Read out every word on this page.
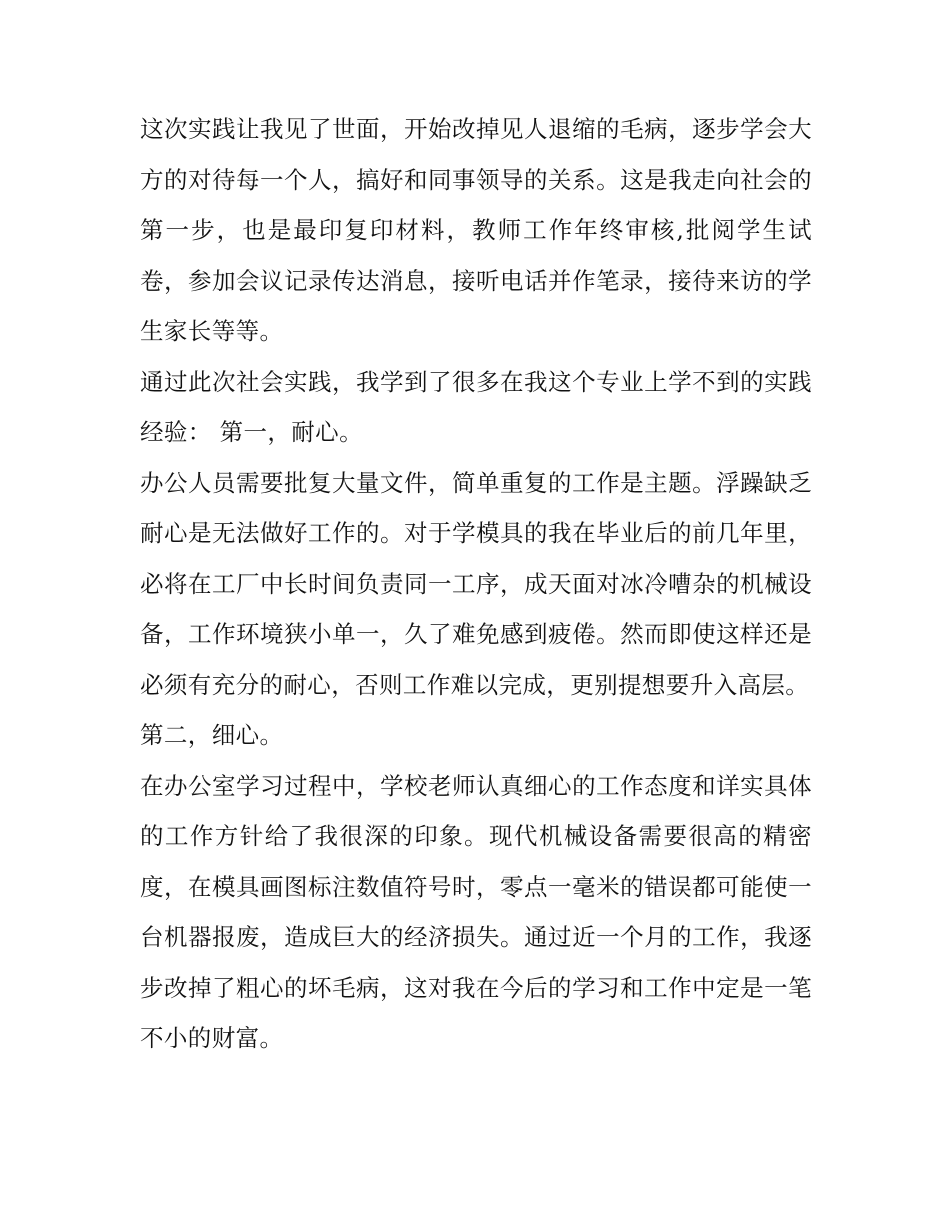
这次实践让我见了世面，开始改掉见人退缩的毛病，逐步学会大方的对待每一个人，搞好和同事领导的关系。这是我走向社会的第一步，也是最印复印材料，教师工作年终审核,批阅学生试卷，参加会议记录传达消息，接听电话并作笔录，接待来访的学生家长等等。

通过此次社会实践，我学到了很多在我这个专业上学不到的实践经验： 第一，耐心。

办公人员需要批复大量文件，简单重复的工作是主题。浮躁缺乏耐心是无法做好工作的。对于学模具的我在毕业后的前几年里，必将在工厂中长时间负责同一工序，成天面对冰冷嘈杂的机械设备，工作环境狭小单一，久了难免感到疲倦。然而即使这样还是必须有充分的耐心，否则工作难以完成，更别提想要升入高层。

第二，细心。

在办公室学习过程中，学校老师认真细心的工作态度和详实具体的工作方针给了我很深的印象。现代机械设备需要很高的精密度，在模具画图标注数值符号时，零点一毫米的错误都可能使一台机器报废，造成巨大的经济损失。通过近一个月的工作，我逐步改掉了粗心的坏毛病，这对我在今后的学习和工作中定是一笔不小的财富。
